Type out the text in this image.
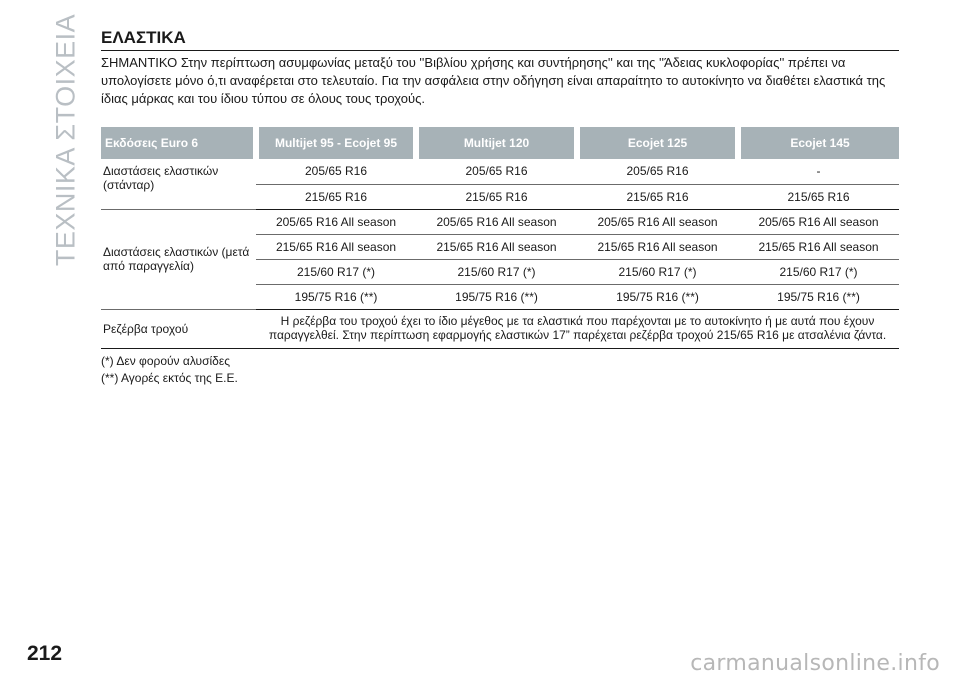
ΤΕΧΝΙΚΑ ΣΤΟΙΧΕΙΑ ΕΛΑΣΤΙΚΑ

ΣΗΜΑΝΤΙΚΟ Στην περίπτωση ασυμφωνίας μεταξύ του ''Βιβλίου χρήσης και συντήρησης'' και της ''Άδειας κυκλοφορίας'' πρέπει να υπολογίσετε μόνο ό,τι αναφέρεται στο τελευταίο. Για την ασφάλεια στην οδήγηση είναι απαραίτητο το αυτοκίνητο να διαθέτει ελαστικά της ίδιας μάρκας και του ίδιου τύπου σε όλους τους τροχούς.

Εκδόσεις Euro 6	Multijet 95 - Ecojet 95	Multijet 120	Ecojet 125	Ecojet 145
Διαστάσεις ελαστικών (στάνταρ)	205/65 R16	205/65 R16	205/65 R16	-
	215/65 R16	215/65 R16	215/65 R16	215/65 R16
Διαστάσεις ελαστικών (μετά από παραγγελία)	205/65 R16 All season	205/65 R16 All season	205/65 R16 All season	205/65 R16 All season
	215/65 R16 All season	215/65 R16 All season	215/65 R16 All season	215/65 R16 All season
	215/60 R17 (*)	215/60 R17 (*)	215/60 R17 (*)	215/60 R17 (*)
	195/75 R16 (**)	195/75 R16 (**)	195/75 R16 (**)	195/75 R16 (**)
Ρεζέρβα τροχού	Η ρεζέρβα του τροχού έχει το ίδιο μέγεθος με τα ελαστικά που παρέχονται με το αυτοκίνητο ή με αυτά που έχουν παραγγελθεί. Στην περίπτωση εφαρμογής ελαστικών 17” παρέχεται ρεζέρβα τροχού 215/65 R16 με ατσαλένια ζάντα.			
(*) Δεν φορούν αλυσίδες
(**) Αγορές εκτός της Ε.Ε.
212	carmanualsonline.info
